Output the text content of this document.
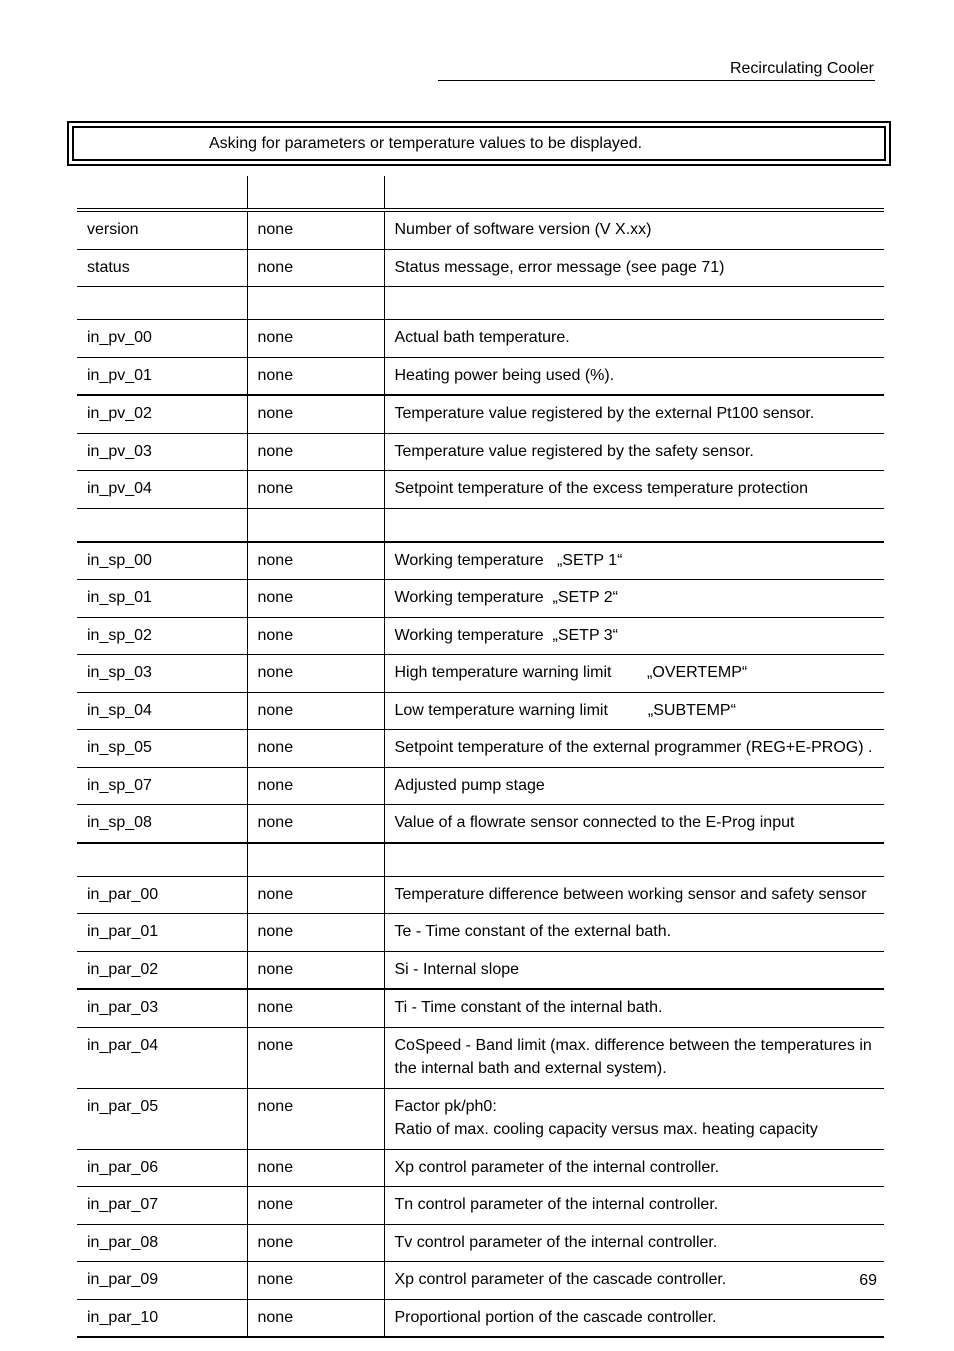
Recirculating Cooler
Asking for parameters or temperature values to be displayed.

version	none	Number of software version (V X.xx)
status	none	Status message, error message (see page 71)

in_pv_00	none	Actual bath temperature.
in_pv_01	none	Heating power being used (%).
in_pv_02	none	Temperature value registered by the external Pt100 sensor.
in_pv_03	none	Temperature value registered by the safety sensor.
in_pv_04	none	Setpoint temperature of the excess temperature protection

in_sp_00	none	Working temperature   „SETP 1“
in_sp_01	none	Working temperature  „SETP 2“
in_sp_02	none	Working temperature  „SETP 3“
in_sp_03	none	High temperature warning limit        „OVERTEMP“
in_sp_04	none	Low temperature warning limit         „SUBTEMP“
in_sp_05	none	Setpoint temperature of the external programmer (REG+E-PROG) .
in_sp_07	none	Adjusted pump stage
in_sp_08	none	Value of a flowrate sensor connected to the E-Prog input

in_par_00	none	Temperature difference between working sensor and safety sensor
in_par_01	none	Te - Time constant of the external bath.
in_par_02	none	Si - Internal slope
in_par_03	none	Ti - Time constant of the internal bath.
in_par_04	none	CoSpeed - Band limit (max. difference between the temperatures in the internal bath and external system).
in_par_05	none	Factor pk/ph0:
Ratio of max. cooling capacity versus max. heating capacity

in_par_06	none	Xp control parameter of the internal controller.
in_par_07	none	Tn control parameter of the internal controller.
in_par_08	none	Tv control parameter of the internal controller.
in_par_09	none	Xp control parameter of the cascade controller.
in_par_10	none	Proportional portion of the cascade controller.
69
